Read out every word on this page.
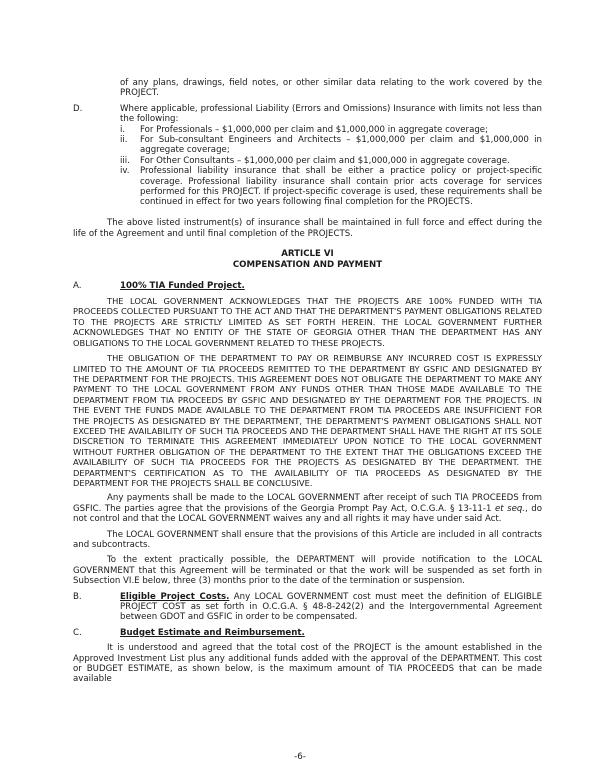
of any plans, drawings, field notes, or other similar data relating to the work covered by the PROJECT.

D.	Where applicable, professional Liability (Errors and Omissions) Insurance with limits not less than the following:
i.	For Professionals – $1,000,000 per claim and $1,000,000 in aggregate coverage;
ii.	For Sub-consultant Engineers and Architects – $1,000,000 per claim and $1,000,000 in aggregate coverage;
iii.	For Other Consultants – $1,000,000 per claim and $1,000,000 in aggregate coverage.
iv.	Professional liability insurance that shall be either a practice policy or project-specific coverage. Professional liability insurance shall contain prior acts coverage for services performed for this PROJECT. If project-specific coverage is used, these requirements shall be continued in effect for two years following final completion for the PROJECTS.

The above listed instrument(s) of insurance shall be maintained in full force and effect during the life of the Agreement and until final completion of the PROJECTS.

ARTICLE VI

COMPENSATION AND PAYMENT

A.	100% TIA Funded Project.

THE LOCAL GOVERNMENT ACKNOWLEDGES THAT THE PROJECTS ARE 100% FUNDED WITH TIA PROCEEDS COLLECTED PURSUANT TO THE ACT AND THAT THE DEPARTMENT'S PAYMENT OBLIGATIONS RELATED TO THE PROJECTS ARE STRICTLY LIMITED AS SET FORTH HEREIN. THE LOCAL GOVERNMENT FURTHER ACKNOWLEDGES THAT NO ENTITY OF THE STATE OF GEORGIA OTHER THAN THE DEPARTMENT HAS ANY OBLIGATIONS TO THE LOCAL GOVERNMENT RELATED TO THESE PROJECTS.

THE OBLIGATION OF THE DEPARTMENT TO PAY OR REIMBURSE ANY INCURRED COST IS EXPRESSLY LIMITED TO THE AMOUNT OF TIA PROCEEDS REMITTED TO THE DEPARTMENT BY GSFIC AND DESIGNATED BY THE DEPARTMENT FOR THE PROJECTS. THIS AGREEMENT DOES NOT OBLIGATE THE DEPARTMENT TO MAKE ANY PAYMENT TO THE LOCAL GOVERNMENT FROM ANY FUNDS OTHER THAN THOSE MADE AVAILABLE TO THE DEPARTMENT FROM TIA PROCEEDS BY GSFIC AND DESIGNATED BY THE DEPARTMENT FOR THE PROJECTS. IN THE EVENT THE FUNDS MADE AVAILABLE TO THE DEPARTMENT FROM TIA PROCEEDS ARE INSUFFICIENT FOR THE PROJECTS AS DESIGNATED BY THE DEPARTMENT, THE DEPARTMENT'S PAYMENT OBLIGATIONS SHALL NOT EXCEED THE AVAILABILITY OF SUCH TIA PROCEEDS AND THE DEPARTMENT SHALL HAVE THE RIGHT AT ITS SOLE DISCRETION TO TERMINATE THIS AGREEMENT IMMEDIATELY UPON NOTICE TO THE LOCAL GOVERNMENT WITHOUT FURTHER OBLIGATION OF THE DEPARTMENT TO THE EXTENT THAT THE OBLIGATIONS EXCEED THE AVAILABILITY OF SUCH TIA PROCEEDS FOR THE PROJECTS AS DESIGNATED BY THE DEPARTMENT. THE DEPARTMENT'S CERTIFICATION AS TO THE AVAILABILITY OF TIA PROCEEDS AS DESIGNATED BY THE DEPARTMENT FOR THE PROJECTS SHALL BE CONCLUSIVE.

Any payments shall be made to the LOCAL GOVERNMENT after receipt of such TIA PROCEEDS from GSFIC. The parties agree that the provisions of the Georgia Prompt Pay Act, O.C.G.A. § 13-11-1 et seq., do not control and that the LOCAL GOVERNMENT waives any and all rights it may have under said Act.

The LOCAL GOVERNMENT shall ensure that the provisions of this Article are included in all contracts and subcontracts.

To the extent practically possible, the DEPARTMENT will provide notification to the LOCAL GOVERNMENT that this Agreement will be terminated or that the work will be suspended as set forth in Subsection VI.E below, three (3) months prior to the date of the termination or suspension.

B.	Eligible Project Costs. Any LOCAL GOVERNMENT cost must meet the definition of ELIGIBLE PROJECT COST as set forth in O.C.G.A. § 48-8-242(2) and the Intergovernmental Agreement between GDOT and GSFIC in order to be compensated.
C.	Budget Estimate and Reimbursement.

It is understood and agreed that the total cost of the PROJECT is the amount established in the Approved Investment List plus any additional funds added with the approval of the DEPARTMENT. This cost or BUDGET ESTIMATE, as shown below, is the maximum amount of TIA PROCEEDS that can be made available

-6-
